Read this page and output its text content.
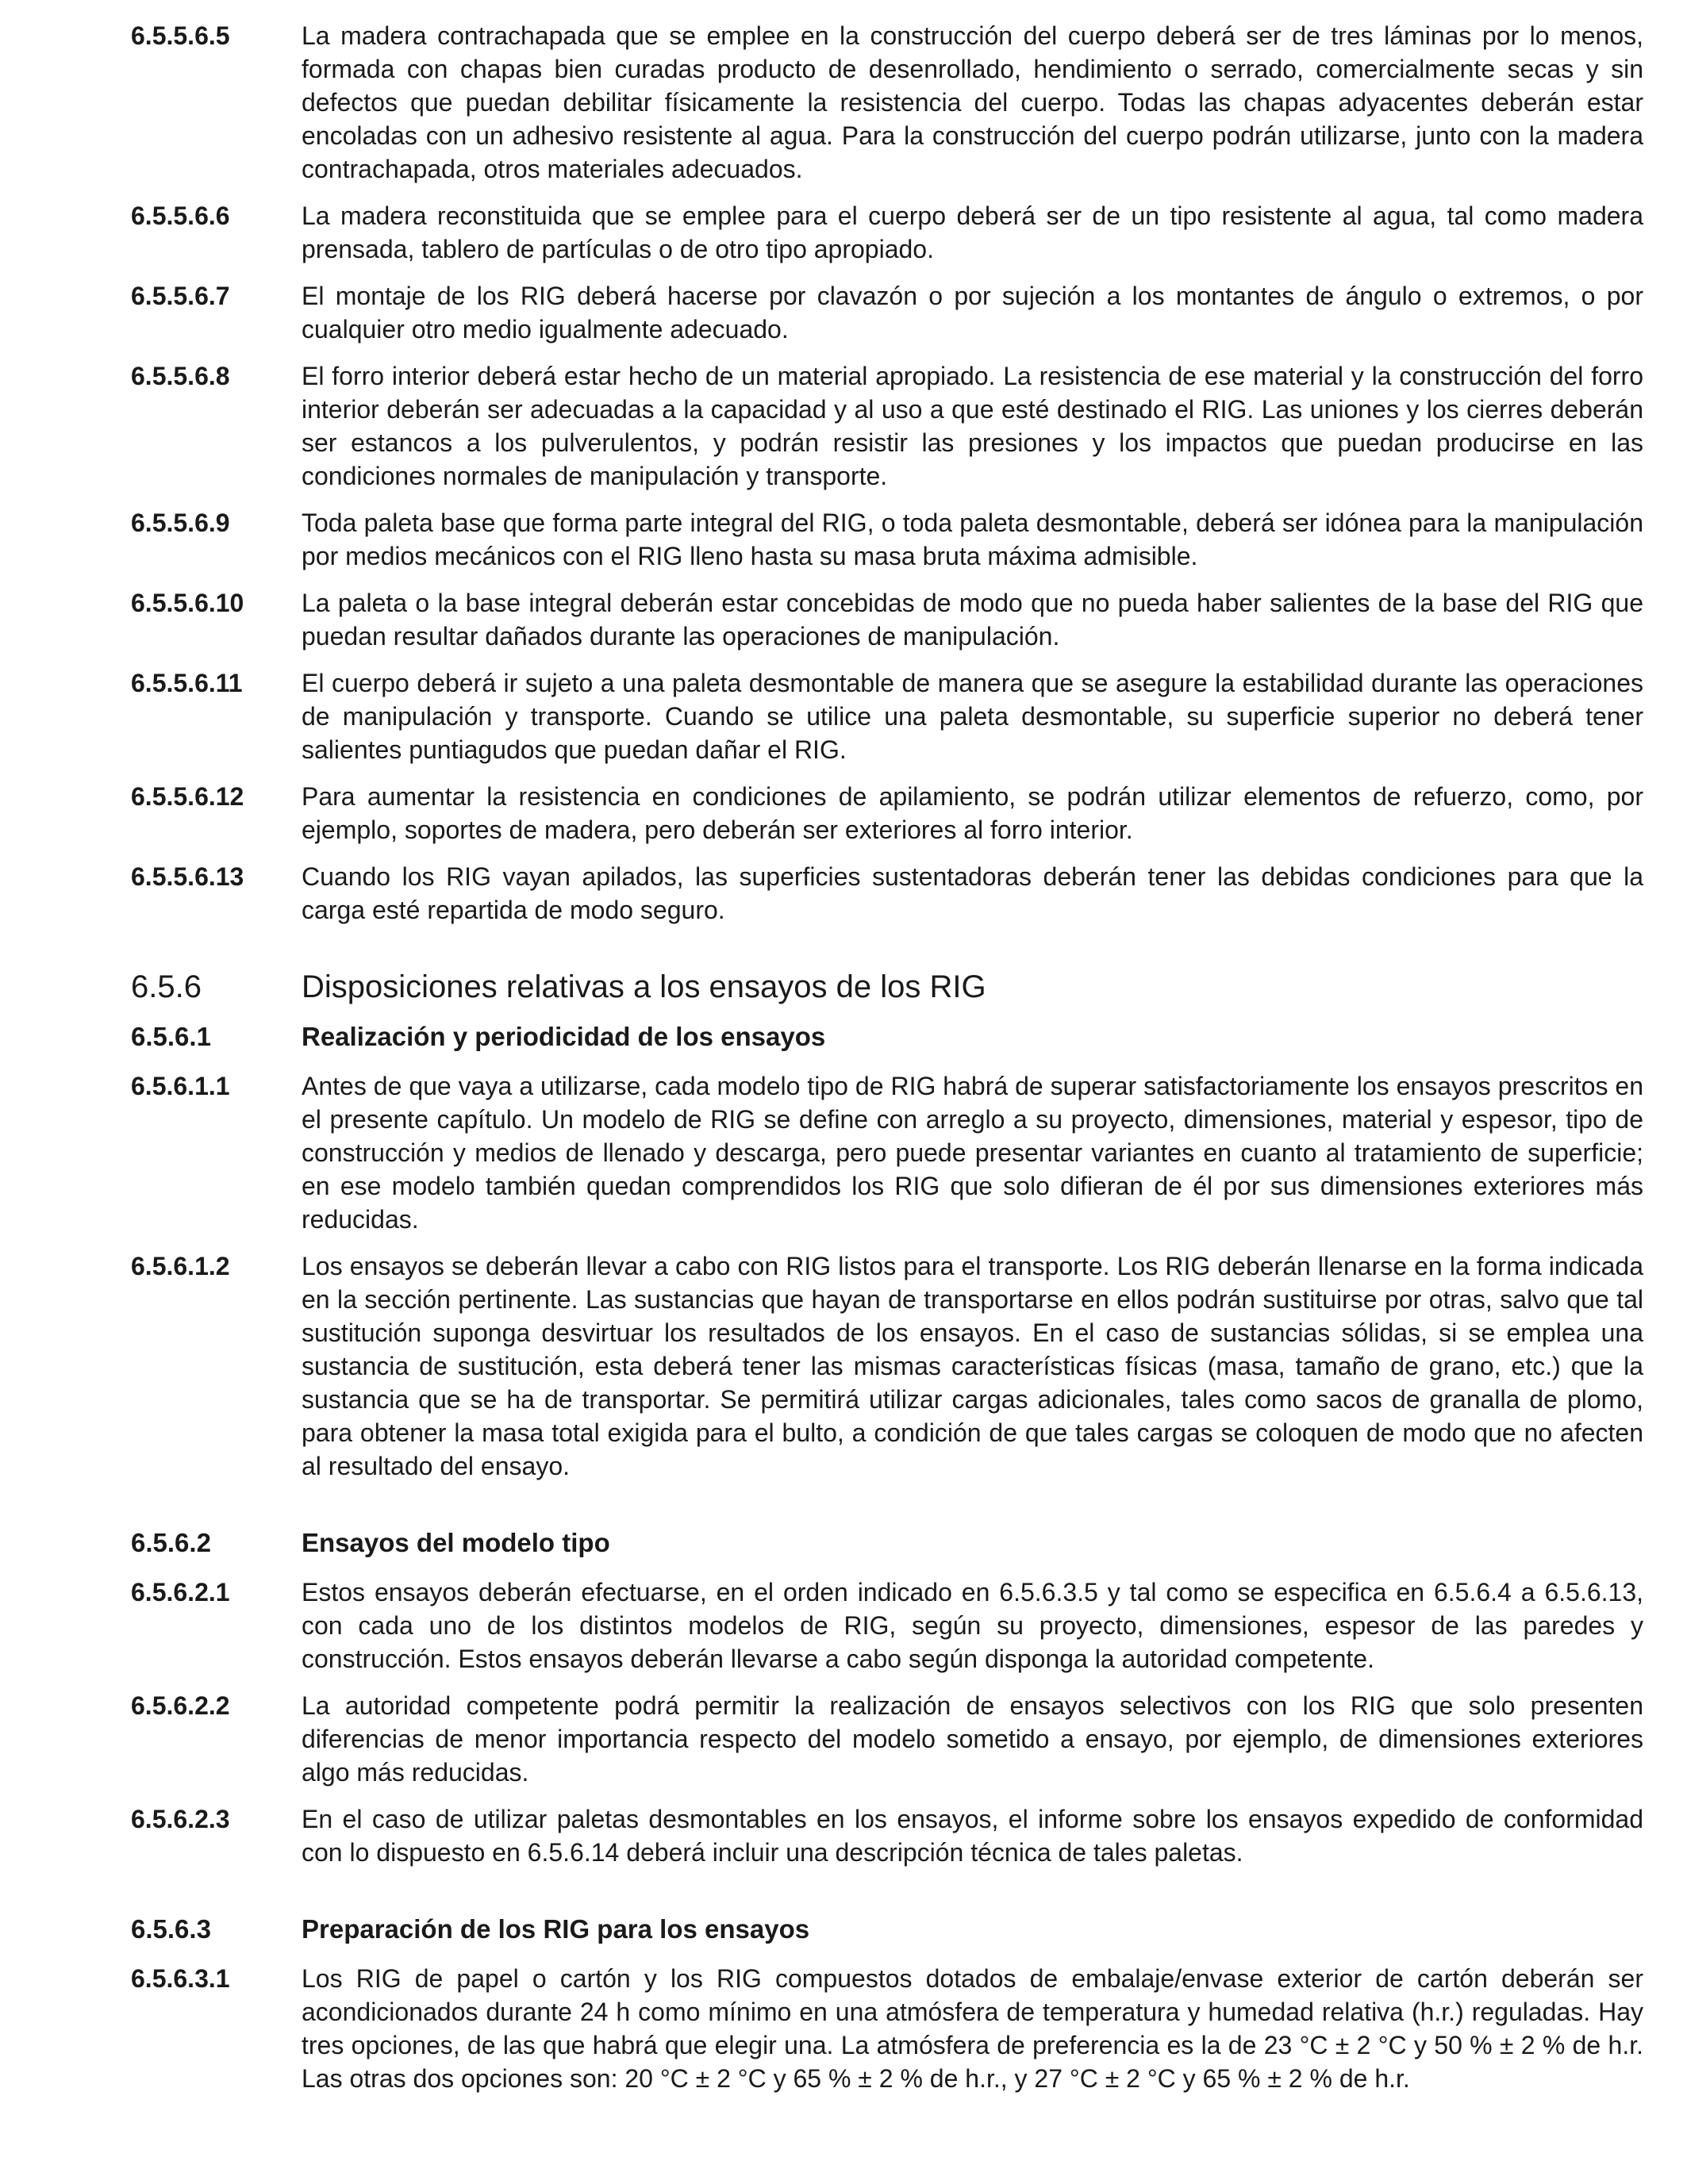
6.5.5.6.5	La madera contrachapada que se emplee en la construcción del cuerpo deberá ser de tres láminas por lo menos, formada con chapas bien curadas producto de desenrollado, hendimiento o serrado, comercialmente secas y sin defectos que puedan debilitar físicamente la resistencia del cuerpo. Todas las chapas adyacentes deberán estar encoladas con un adhesivo resistente al agua. Para la construcción del cuerpo podrán utilizarse, junto con la madera contrachapada, otros materiales adecuados.
6.5.5.6.6	La madera reconstituida que se emplee para el cuerpo deberá ser de un tipo resistente al agua, tal como madera prensada, tablero de partículas o de otro tipo apropiado.
6.5.5.6.7	El montaje de los RIG deberá hacerse por clavazón o por sujeción a los montantes de ángulo o extremos, o por cualquier otro medio igualmente adecuado.
6.5.5.6.8	El forro interior deberá estar hecho de un material apropiado. La resistencia de ese material y la construcción del forro interior deberán ser adecuadas a la capacidad y al uso a que esté destinado el RIG. Las uniones y los cierres deberán ser estancos a los pulverulentos, y podrán resistir las presiones y los impactos que puedan producirse en las condiciones normales de manipulación y transporte.
6.5.5.6.9	Toda paleta base que forma parte integral del RIG, o toda paleta desmontable, deberá ser idónea para la manipulación por medios mecánicos con el RIG lleno hasta su masa bruta máxima admisible.
6.5.5.6.10	La paleta o la base integral deberán estar concebidas de modo que no pueda haber salientes de la base del RIG que puedan resultar dañados durante las operaciones de manipulación.
6.5.5.6.11	El cuerpo deberá ir sujeto a una paleta desmontable de manera que se asegure la estabilidad durante las operaciones de manipulación y transporte. Cuando se utilice una paleta desmontable, su superficie superior no deberá tener salientes puntiagudos que puedan dañar el RIG.
6.5.5.6.12	Para aumentar la resistencia en condiciones de apilamiento, se podrán utilizar elementos de refuerzo, como, por ejemplo, soportes de madera, pero deberán ser exteriores al forro interior.
6.5.5.6.13	Cuando los RIG vayan apilados, las superficies sustentadoras deberán tener las debidas condiciones para que la carga esté repartida de modo seguro.
6.5.6	Disposiciones relativas a los ensayos de los RIG
6.5.6.1	Realización y periodicidad de los ensayos
6.5.6.1.1	Antes de que vaya a utilizarse, cada modelo tipo de RIG habrá de superar satisfactoriamente los ensayos prescritos en el presente capítulo. Un modelo de RIG se define con arreglo a su proyecto, dimensiones, material y espesor, tipo de construcción y medios de llenado y descarga, pero puede presentar variantes en cuanto al tratamiento de superficie; en ese modelo también quedan comprendidos los RIG que solo difieran de él por sus dimensiones exteriores más reducidas.
6.5.6.1.2	Los ensayos se deberán llevar a cabo con RIG listos para el transporte. Los RIG deberán llenarse en la forma indicada en la sección pertinente. Las sustancias que hayan de transportarse en ellos podrán sustituirse por otras, salvo que tal sustitución suponga desvirtuar los resultados de los ensayos. En el caso de sustancias sólidas, si se emplea una sustancia de sustitución, esta deberá tener las mismas características físicas (masa, tamaño de grano, etc.) que la sustancia que se ha de transportar. Se permitirá utilizar cargas adicionales, tales como sacos de granalla de plomo, para obtener la masa total exigida para el bulto, a condición de que tales cargas se coloquen de modo que no afecten al resultado del ensayo.
6.5.6.2	Ensayos del modelo tipo
6.5.6.2.1	Estos ensayos deberán efectuarse, en el orden indicado en 6.5.6.3.5 y tal como se especifica en 6.5.6.4 a 6.5.6.13, con cada uno de los distintos modelos de RIG, según su proyecto, dimensiones, espesor de las paredes y construcción. Estos ensayos deberán llevarse a cabo según disponga la autoridad competente.
6.5.6.2.2	La autoridad competente podrá permitir la realización de ensayos selectivos con los RIG que solo presenten diferencias de menor importancia respecto del modelo sometido a ensayo, por ejemplo, de dimensiones exteriores algo más reducidas.
6.5.6.2.3	En el caso de utilizar paletas desmontables en los ensayos, el informe sobre los ensayos expedido de conformidad con lo dispuesto en 6.5.6.14 deberá incluir una descripción técnica de tales paletas.
6.5.6.3	Preparación de los RIG para los ensayos
6.5.6.3.1	Los RIG de papel o cartón y los RIG compuestos dotados de embalaje/envase exterior de cartón deberán ser acondicionados durante 24 h como mínimo en una atmósfera de temperatura y humedad relativa (h.r.) reguladas. Hay tres opciones, de las que habrá que elegir una. La atmósfera de preferencia es la de 23 °C ± 2 °C y 50 % ± 2 % de h.r. Las otras dos opciones son: 20 °C ± 2 °C y 65 % ± 2 % de h.r., y 27 °C ± 2 °C y 65 % ± 2 % de h.r.
